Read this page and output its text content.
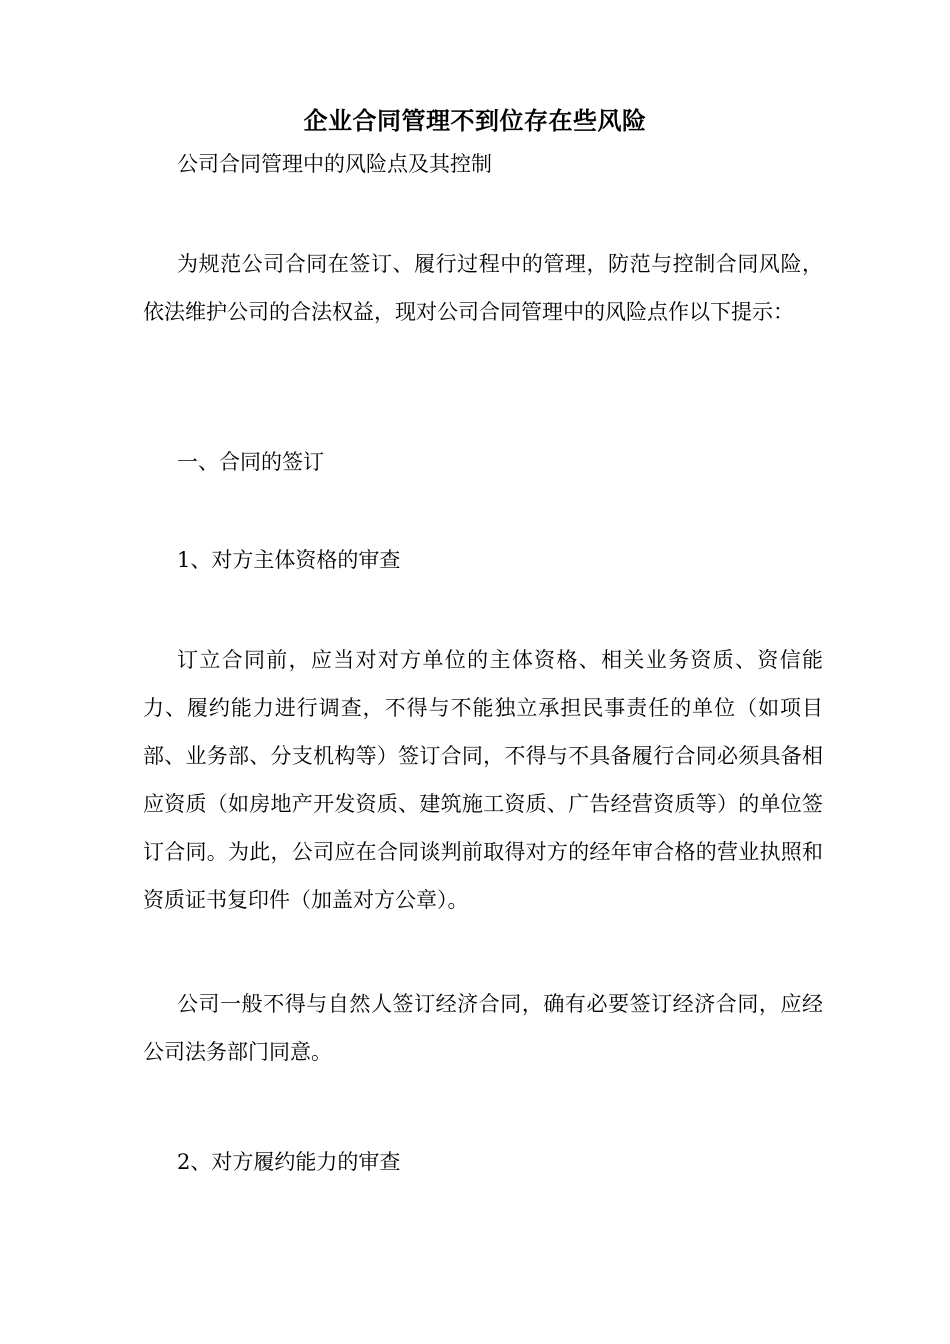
企业合同管理不到位存在些风险
公司合同管理中的风险点及其控制
为规范公司合同在签订、履行过程中的管理，防范与控制合同风险，依法维护公司的合法权益，现对公司合同管理中的风险点作以下提示：
一、合同的签订
1、对方主体资格的审查
订立合同前，应当对对方单位的主体资格、相关业务资质、资信能力、履约能力进行调查，不得与不能独立承担民事责任的单位（如项目部、业务部、分支机构等）签订合同，不得与不具备履行合同必须具备相应资质（如房地产开发资质、建筑施工资质、广告经营资质等）的单位签订合同。为此，公司应在合同谈判前取得对方的经年审合格的营业执照和资质证书复印件（加盖对方公章）。
公司一般不得与自然人签订经济合同，确有必要签订经济合同，应经公司法务部门同意。
2、对方履约能力的审查
